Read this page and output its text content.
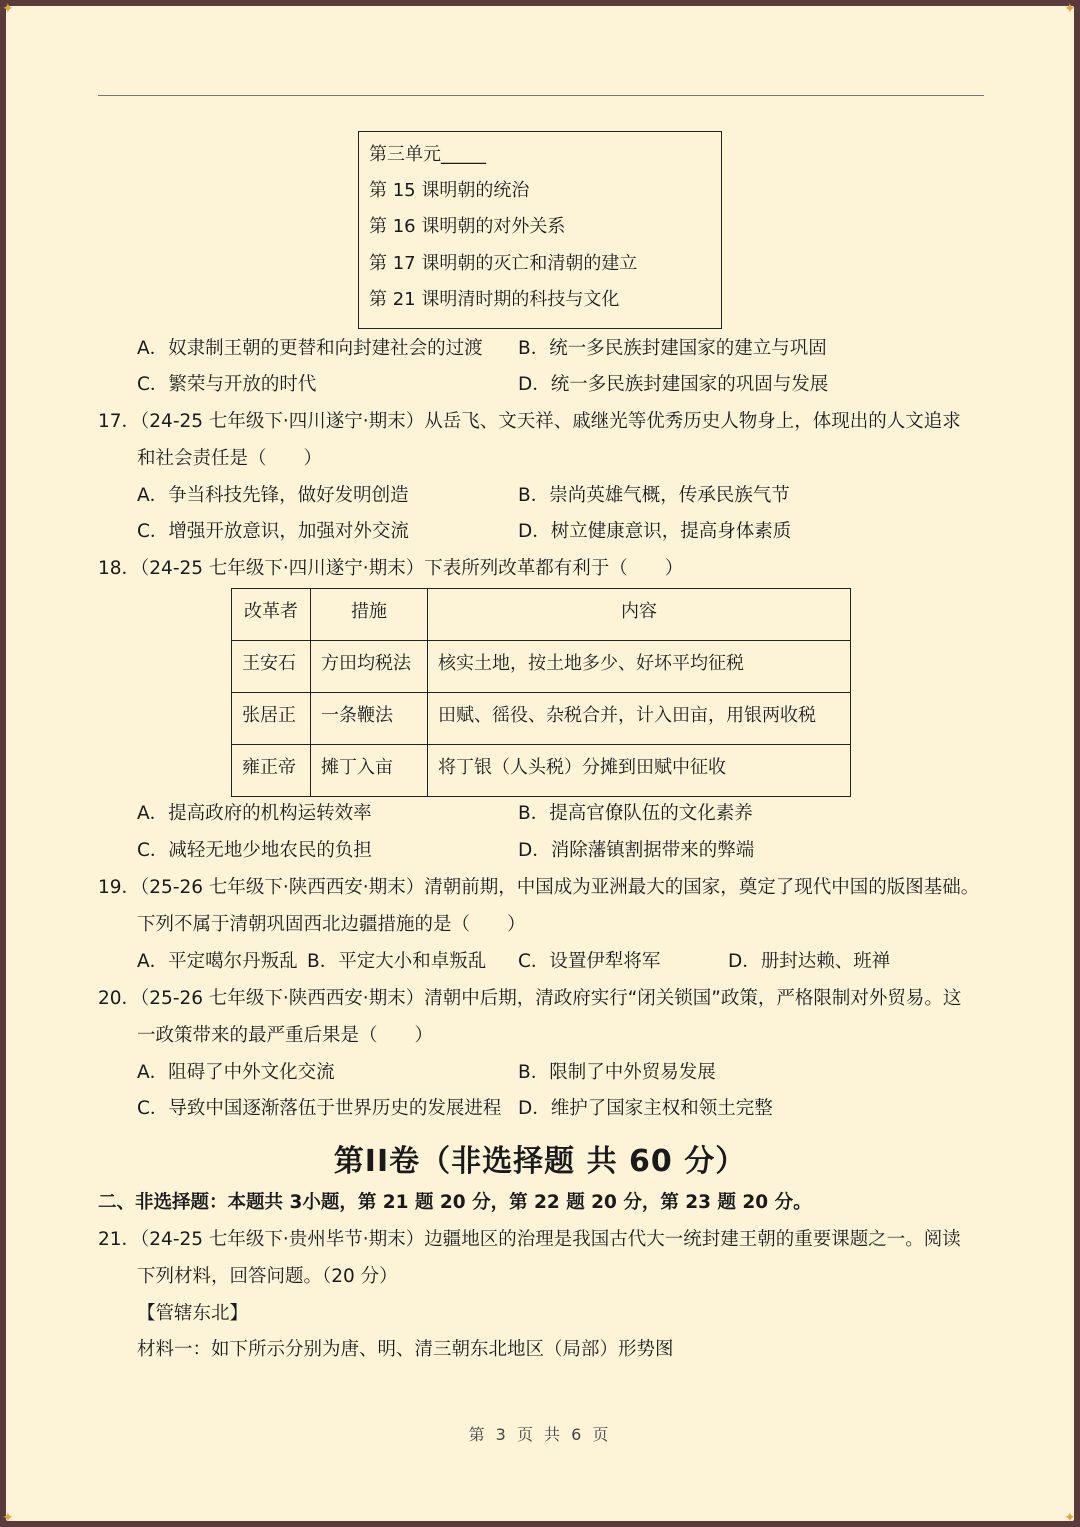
✦	✦
✦	✦
第三单元_____
第 15 课明朝的统治
第 16 课明朝的对外关系
第 17 课明朝的灭亡和清朝的建立
第 21 课明清时期的科技与文化
A．奴隶制王朝的更替和向封建社会的过渡 B．统一多民族封建国家的建立与巩固
C．繁荣与开放的时代	D．统一多民族封建国家的巩固与发展
17．（24-25 七年级下·四川遂宁·期末）从岳飞、文天祥、戚继光等优秀历史人物身上，体现出的人文追求
和社会责任是（　　）
A．争当科技先锋，做好发明创造	B．崇尚英雄气概，传承民族气节
C．增强开放意识，加强对外交流	D．树立健康意识，提高身体素质
18．（24-25 七年级下·四川遂宁·期末）下表所列改革都有利于（　　）
改革者	措施	内容
王安石	方田均税法	核实土地，按土地多少、好坏平均征税
张居正	一条鞭法	田赋、徭役、杂税合并，计入田亩，用银两收税
雍正帝	摊丁入亩	将丁银（人头税）分摊到田赋中征收
A．提高政府的机构运转效率	B．提高官僚队伍的文化素养
C．减轻无地少地农民的负担	D．消除藩镇割据带来的弊端
19．（25-26 七年级下·陕西西安·期末）清朝前期，中国成为亚洲最大的国家，奠定了现代中国的版图基础。
下列不属于清朝巩固西北边疆措施的是（　　）
A．平定噶尔丹叛乱 B．平定大小和卓叛乱 C．设置伊犁将军	D．册封达赖、班禅
20．（25-26 七年级下·陕西西安·期末）清朝中后期，清政府实行“闭关锁国”政策，严格限制对外贸易。这
一政策带来的最严重后果是（　　）
A．阻碍了中外文化交流	B．限制了中外贸易发展
C．导致中国逐渐落伍于世界历史的发展进程 D．维护了国家主权和领土完整
第II卷（非选择题 共 60 分）
二、非选择题：本题共 3小题，第 21 题 20 分，第 22 题 20 分，第 23 题 20 分。
21．（24-25 七年级下·贵州毕节·期末）边疆地区的治理是我国古代大一统封建王朝的重要课题之一。阅读
下列材料，回答问题。（20 分）
【管辖东北】
材料一：如下所示分别为唐、明、清三朝东北地区（局部）形势图
第 3 页 共 6 页
